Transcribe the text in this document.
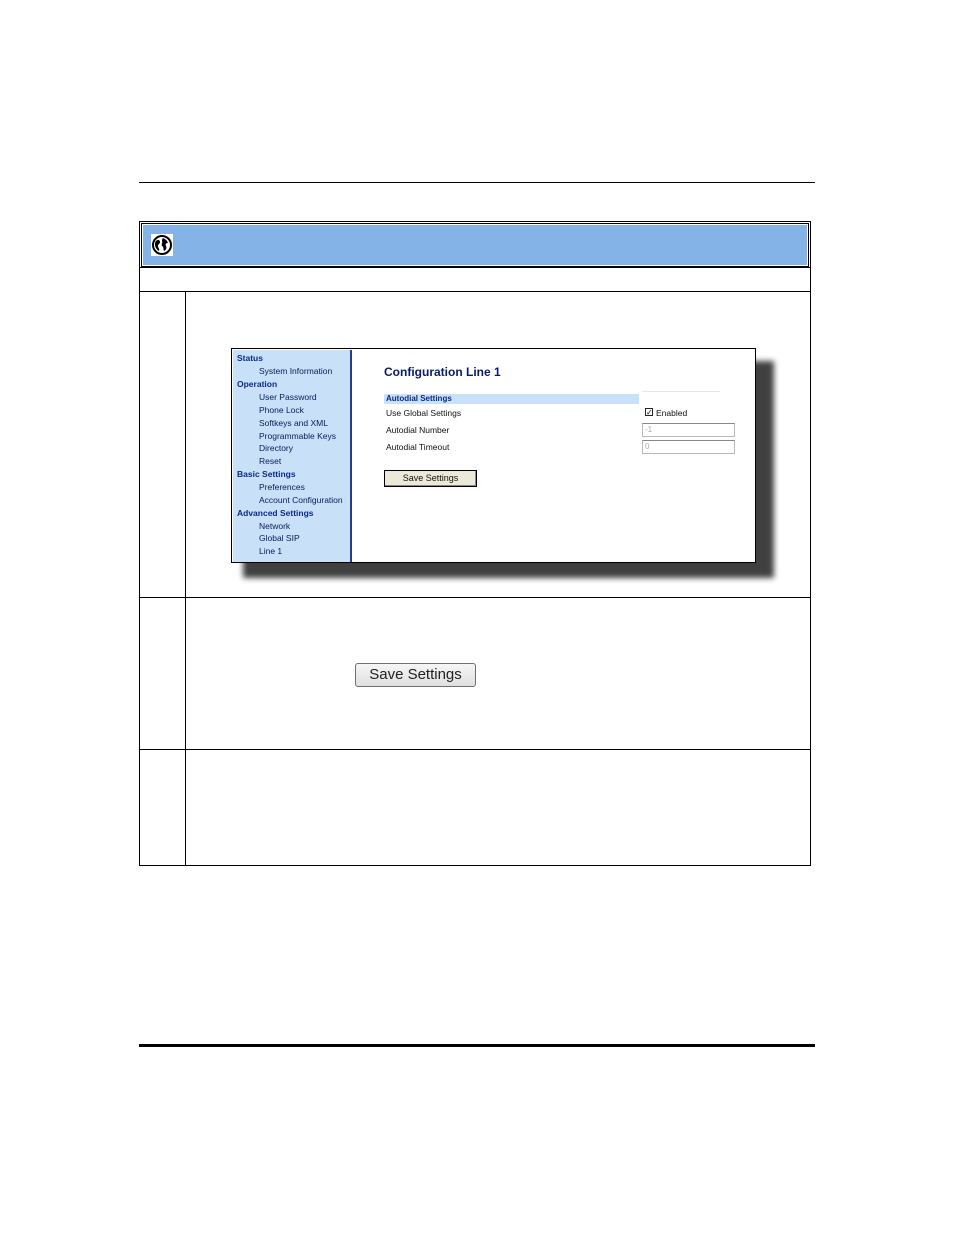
Status
System Information
Operation
User Password
Phone Lock
Softkeys and XML
Programmable Keys
Directory
Reset
Basic Settings
Preferences
Account Configuration
Advanced Settings
Network
Global SIP
Line 1
Configuration Line 1
Autodial Settings
Use Global Settings	✓ Enabled
Autodial Number	-1
Autodial Timeout	0
Save Settings
Save Settings
